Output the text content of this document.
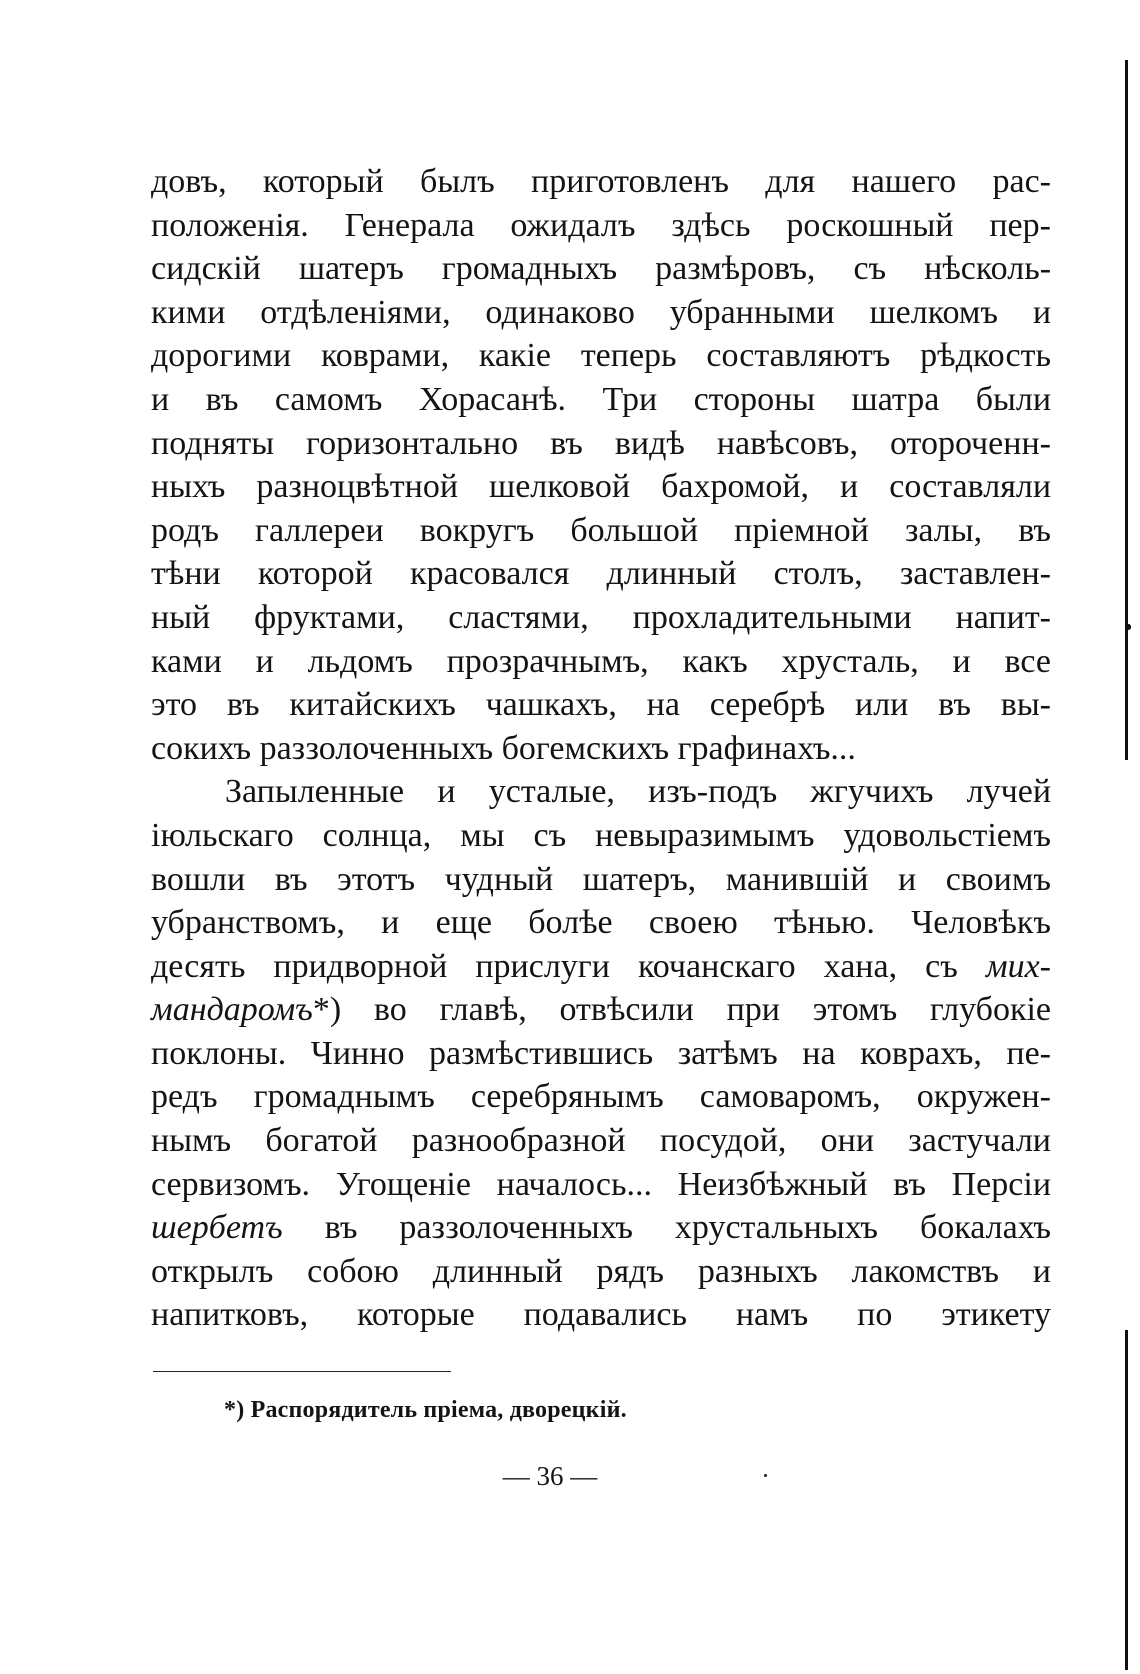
довъ, который былъ приготовленъ для нашего рас-
положенія. Генерала ожидалъ здѣсь роскошный пер-
сидскій шатеръ громадныхъ размѣровъ, съ нѣсколь-
кими отдѣленіями, одинаково убранными шелкомъ и
дорогими коврами, какіе теперь составляютъ рѣдкость
и въ самомъ Хорасанѣ. Три стороны шатра были
подняты горизонтально въ видѣ навѣсовъ, отороченн-
ныхъ разноцвѣтной шелковой бахромой, и составляли
родъ галлереи вокругъ большой пріемной залы, въ
тѣни которой красовался длинный столъ, заставлен-
ный фруктами, сластями, прохладительными напит-
ками и льдомъ прозрачнымъ, какъ хрусталь, и все
это въ китайскихъ чашкахъ, на серебрѣ или въ вы-
сокихъ раззолоченныхъ богемскихъ графинахъ...
Запыленные и усталые, изъ-подъ жгучихъ лучей
іюльскаго солнца, мы съ невыразимымъ удовольстіемъ
вошли въ этотъ чудный шатеръ, манившій и своимъ
убранствомъ, и еще болѣе своею тѣнью. Человѣкъ
десять придворной прислуги кочанскаго хана, съ мих-
мандаромъ*) во главѣ, отвѣсили при этомъ глубокіе
поклоны. Чинно размѣстившись затѣмъ на коврахъ, пе-
редъ громаднымъ серебрянымъ самоваромъ, окружен-
нымъ богатой разнообразной посудой, они застучали
сервизомъ. Угощеніе началось... Неизбѣжный въ Персіи
шербетъ въ раззолоченныхъ хрустальныхъ бокалахъ
открылъ собою длинный рядъ разныхъ лакомствъ и
напитковъ, которые подавались намъ по этикету
*) Распорядитель пріема, дворецкій.
— 36 —
